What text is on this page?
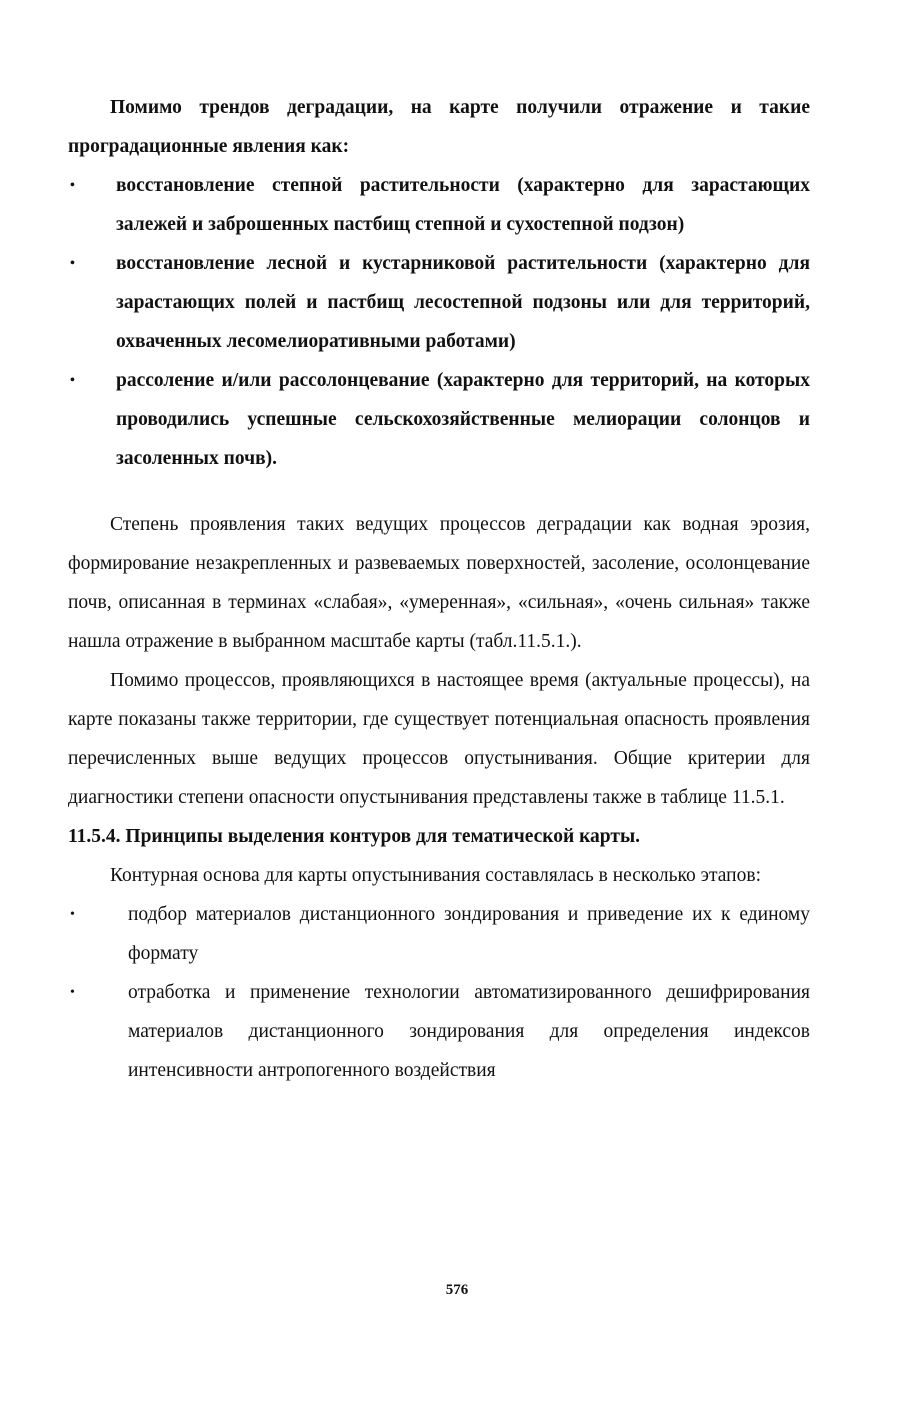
Помимо трендов деградации, на карте получили отражение и такие проградационные явления как:

• восстановление степной растительности (характерно для зарастающих залежей и заброшенных пастбищ степной и сухостепной подзон)
• восстановление лесной и кустарниковой растительности (характерно для зарастающих полей и пастбищ лесостепной подзоны или для территорий, охваченных лесомелиоративными работами)
• рассоление и/или рассолонцевание (характерно для территорий, на которых проводились успешные сельскохозяйственные мелиорации солонцов и засоленных почв).

Степень проявления таких ведущих процессов деградации как водная эрозия, формирование незакрепленных и развеваемых поверхностей, засоление, осолонцевание почв, описанная в терминах «слабая», «умеренная», «сильная», «очень сильная» также нашла отражение в выбранном масштабе карты (табл.11.5.1.).

Помимо процессов, проявляющихся в настоящее время (актуальные процессы), на карте показаны также территории, где существует потенциальная опасность проявления перечисленных выше ведущих процессов опустынивания. Общие критерии для диагностики степени опасности опустынивания представлены также в таблице 11.5.1.

11.5.4. Принципы выделения контуров для тематической карты.

Контурная основа для карты опустынивания составлялась в несколько этапов:

•	подбор материалов дистанционного зондирования и приведение их к единому формату
•	отработка и применение технологии автоматизированного дешифрирования материалов дистанционного зондирования для определения индексов интенсивности антропогенного воздействия
576
